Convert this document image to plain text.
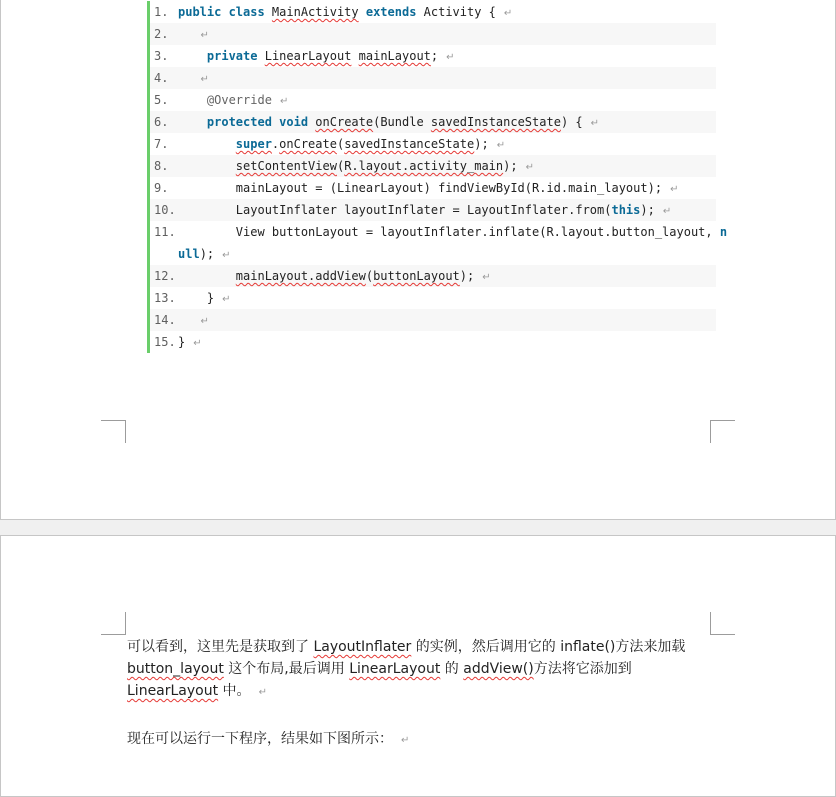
1. public class MainActivity extends Activity { ↵
2.	↵
3.	private LinearLayout mainLayout; ↵
4.	↵
5.	@Override ↵
6.	protected void onCreate(Bundle savedInstanceState) { ↵
7.	super.onCreate(savedInstanceState); ↵
8.	setContentView(R.layout.activity_main); ↵
9. mainLayout = (LinearLayout) findViewById(R.id.main_layout); ↵
10. LayoutInflater layoutInflater = LayoutInflater.from(this); ↵
11. View buttonLayout = layoutInflater.inflate(R.layout.button_layout, n
ull); ↵
12.	mainLayout.addView(buttonLayout); ↵
13. } ↵
14. ↵
15. } ↵
可以看到，这里先是获取到了 LayoutInflater 的实例，然后调用它的 inflate()方法来加载 button_layout 这个布局,最后调用 LinearLayout 的 addView()方法将它添加到 LinearLayout 中。 ↵
现在可以运行一下程序，结果如下图所示： ↵
